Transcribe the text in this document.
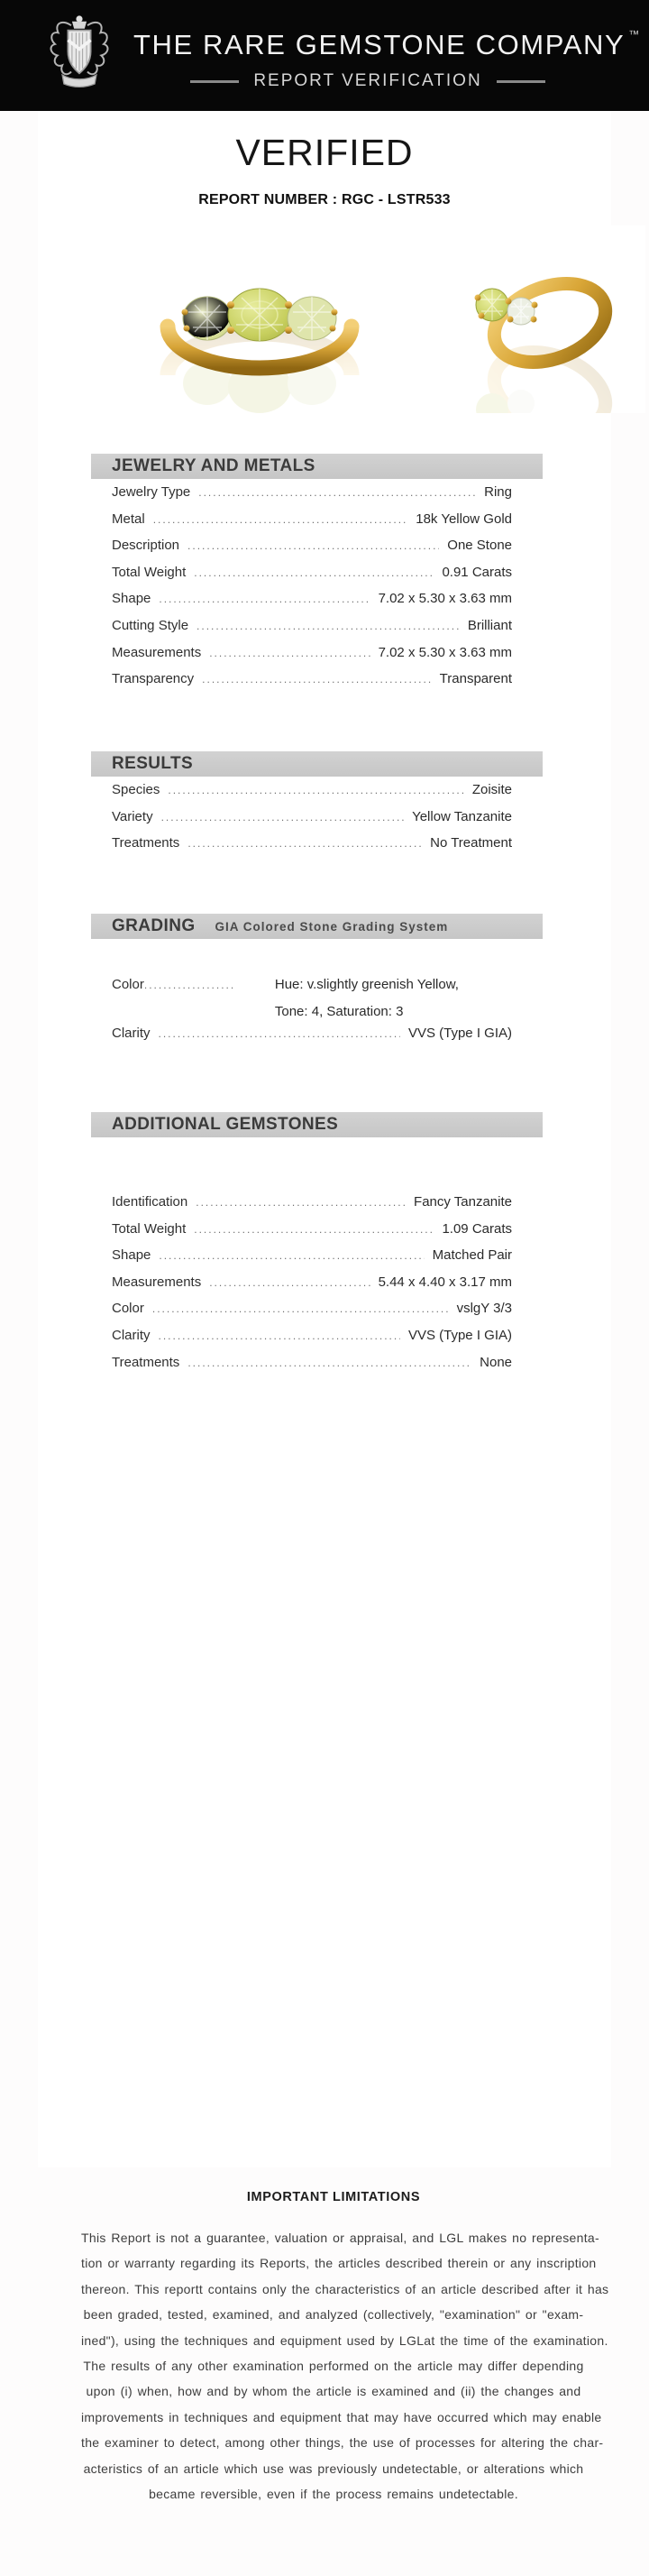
THE RARE GEMSTONE COMPANY ™
REPORT VERIFICATION
VERIFIED
REPORT NUMBER : RGC - LSTR533
JEWELRY AND METALS
Jewelry Type .....	Ring
Metal .....	18k Yellow Gold
Description .....	One Stone
Total Weight .....	0.91 Carats
Shape .....	7.02 x 5.30 x 3.63 mm
Cutting Style .....	Brilliant
Measurements .....	7.02 x 5.30 x 3.63 mm
Transparency .....	Transparent
RESULTS
Species .....	Zoisite
Variety .....	Yellow Tanzanite
Treatments .....	No Treatment
GRADING GIA Colored Stone Grading System
Color .....	Hue: v.slightly greenish Yellow,
Tone: 4, Saturation: 3
Clarity .....	VVS (Type I GIA)
ADDITIONAL GEMSTONES
Identification .....	Fancy Tanzanite
Total Weight .....	1.09 Carats
Shape .....	Matched Pair
Measurements .....	5.44 x 4.40 x 3.17 mm
Color .....	vslgY 3/3
Clarity .....	VVS (Type I GIA)
Treatments .....	None
IMPORTANT LIMITATIONS
This Report is not a guarantee, valuation or appraisal, and LGL makes no representa-
tion or warranty regarding its Reports, the articles described therein or any inscription
thereon. This reportt contains only the characteristics of an article described after it has
been graded, tested, examined, and analyzed (collectively, "examination" or "exam-
ined"), using the techniques and equipment used by LGLat the time of the examination.
The results of any other examination performed on the article may differ depending
upon (i) when, how and by whom the article is examined and (ii) the changes and
improvements in techniques and equipment that may have occurred which may enable
the examiner to detect, among other things, the use of processes for altering the char-
acteristics of an article which use was previously undetectable, or alterations which
became reversible, even if the process remains undetectable.
